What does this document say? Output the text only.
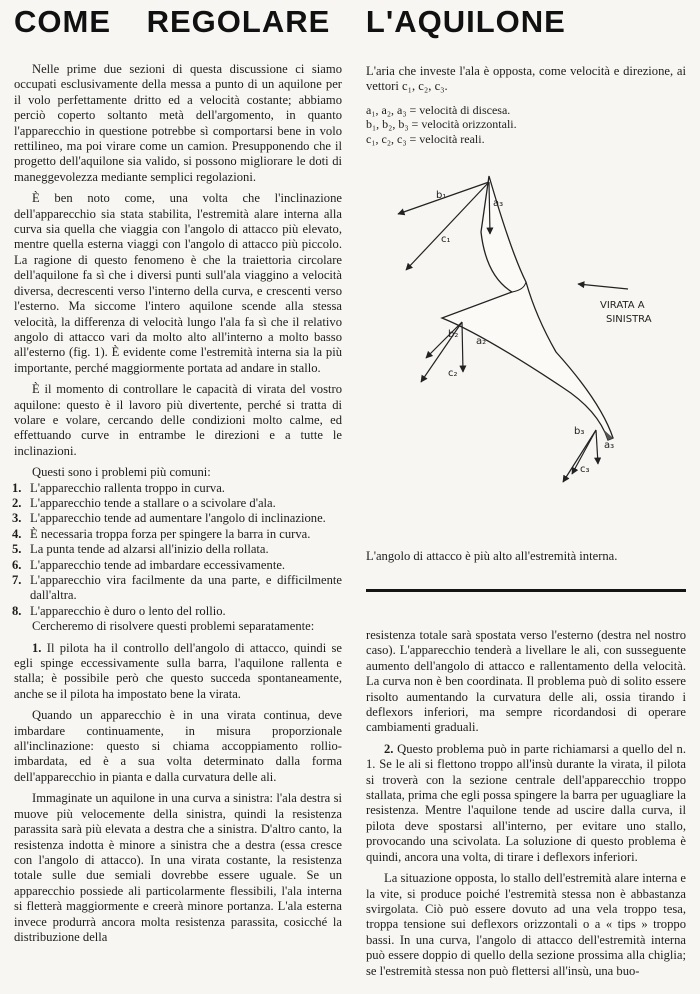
COME REGOLARE L'AQUILONE

Nelle prime due sezioni di questa discussione ci siamo occupati esclusivamente della messa a punto di un aquilone per il volo perfettamente dritto ed a velocità costante; abbiamo perciò coperto soltanto metà dell'argomento, in quanto l'apparecchio in questione potrebbe sì comportarsi bene in volo rettilineo, ma poi virare come un camion. Presupponendo che il progetto dell'aquilone sia valido, si possono migliorare le doti di maneggevolezza mediante semplici regolazioni.

È ben noto come, una volta che l'inclinazione dell'apparecchio sia stata stabilita, l'estremità alare interna alla curva sia quella che viaggia con l'angolo di attacco più elevato, mentre quella esterna viaggi con l'angolo di attacco più piccolo. La ragione di questo fenomeno è che la traiettoria circolare dell'aquilone fa sì che i diversi punti sull'ala viaggino a velocità diversa, decrescenti verso l'interno della curva, e crescenti verso l'esterno. Ma siccome l'intero aquilone scende alla stessa velocità, la differenza di velocità lungo l'ala fa sì che il relativo angolo di attacco vari da molto alto all'interno a molto basso all'esterno (fig. 1). È evidente come l'estremità interna sia la più importante, perché maggiormente portata ad andare in stallo.

È il momento di controllare le capacità di virata del vostro aquilone: questo è il lavoro più divertente, perché si tratta di volare e volare, cercando delle condizioni molto calme, ed effettuando curve in entrambe le direzioni e a tutte le inclinazioni.

Questi sono i problemi più comuni:

1. L'apparecchio rallenta troppo in curva.
2. L'apparecchio tende a stallare o a scivolare d'ala.
3. L'apparecchio tende ad aumentare l'angolo di inclinazione.
4. È necessaria troppa forza per spingere la barra in curva.
5. La punta tende ad alzarsi all'inizio della rollata.
6. L'apparecchio tende ad imbardare eccessivamente.
7. L'apparecchio vira facilmente da una parte, e difficilmente dall'altra.
8. L'apparecchio è duro o lento del rollio.

Cercheremo di risolvere questi problemi separatamente:

1. Il pilota ha il controllo dell'angolo di attacco, quindi se egli spinge eccessivamente sulla barra, l'aquilone rallenta e stalla; è possibile però che questo succeda spontaneamente, anche se il pilota ha impostato bene la virata.

Quando un apparecchio è in una virata continua, deve imbardare continuamente, in misura proporzionale all'inclinazione: questo si chiama accoppiamento rollio-imbardata, ed è a sua volta determinato dalla forma dell'apparecchio in pianta e dalla curvatura delle ali.

Immaginate un aquilone in una curva a sinistra: l'ala destra si muove più velocemente della sinistra, quindi la resistenza parassita sarà più elevata a destra che a sinistra. D'altro canto, la resistenza indotta è minore a sinistra che a destra (essa cresce con l'angolo di attacco). In una virata costante, la resistenza totale sulle due semiali dovrebbe essere uguale. Se un apparecchio possiede ali particolarmente flessibili, l'ala interna si fletterà maggiormente e creerà minore portanza. L'ala esterna invece produrrà ancora molta resistenza parassita, cosicché la distribuzione della

L'aria che investe l'ala è opposta, come velocità e direzione, ai vettori c₁, c₂, c₃.

a₁, a₂, a₃ = velocità di discesa.

b₁, b₂, b₃ = velocità orizzontali.

c₁, c₂, c₃ = velocità reali.

b₁
a₃
c₁
b₂
a₂
c₂
b₃
a₃
c₃
VIRATA A
SINISTRA

L'angolo di attacco è più alto all'estremità interna.

resistenza totale sarà spostata verso l'esterno (destra nel nostro caso). L'apparecchio tenderà a livellare le ali, con susseguente aumento dell'angolo di attacco e rallentamento della velocità. La curva non è ben coordinata. Il problema può di solito essere risolto aumentando la curvatura delle ali, ossia tirando i deflexors inferiori, ma sempre ricordandosi di operare cambiamenti graduali.

2. Questo problema può in parte richiamarsi a quello del n. 1. Se le ali si flettono troppo all'insù durante la virata, il pilota si troverà con la sezione centrale dell'apparecchio troppo stallata, prima che egli possa spingere la barra per uguagliare la resistenza. Mentre l'aquilone tende ad uscire dalla curva, il pilota deve spostarsi all'interno, per evitare uno stallo, provocando una scivolata. La soluzione di questo problema è quindi, ancora una volta, di tirare i deflexors inferiori.

La situazione opposta, lo stallo dell'estremità alare interna e la vite, si produce poiché l'estremità stessa non è abbastanza svirgolata. Ciò può essere dovuto ad una vela troppo tesa, troppa tensione sui deflexors orizzontali o a « tips » troppo bassi. In una curva, l'angolo di attacco dell'estremità interna può essere doppio di quello della sezione prossima alla chiglia; se l'estremità stessa non può flettersi all'insù, una buo-
